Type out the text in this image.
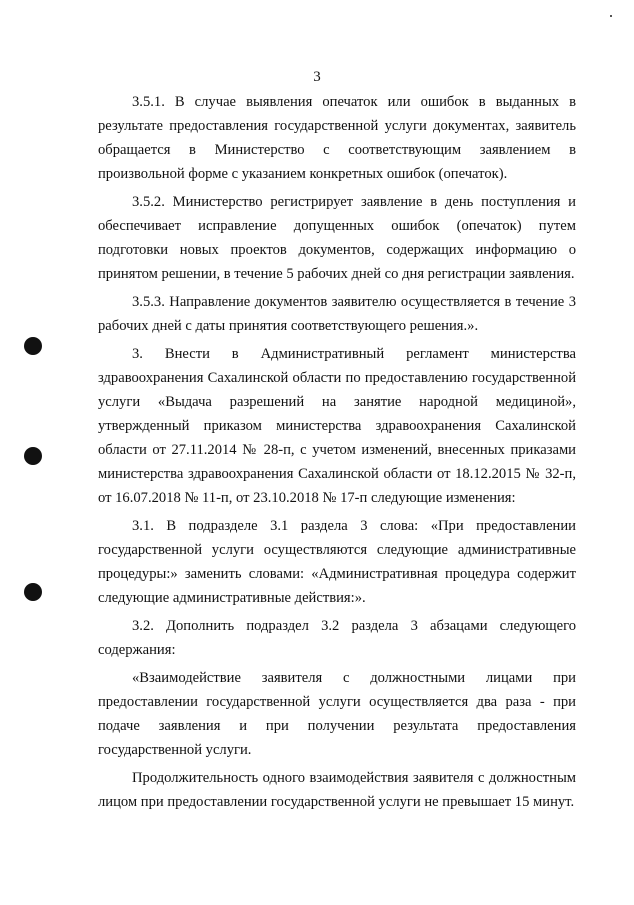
3

3.5.1. В случае выявления опечаток или ошибок в выданных в результате предоставления государственной услуги документах, заявитель обращается в Министерство с соответствующим заявлением в произвольной форме с указанием конкретных ошибок (опечаток).

3.5.2. Министерство регистрирует заявление в день поступления и обеспечивает исправление допущенных ошибок (опечаток) путем подготовки новых проектов документов, содержащих информацию о принятом решении, в течение 5 рабочих дней со дня регистрации заявления.

3.5.3. Направление документов заявителю осуществляется в течение 3 рабочих дней с даты принятия соответствующего решения.».

3. Внести в Административный регламент министерства здравоохранения Сахалинской области по предоставлению государственной услуги «Выдача разрешений на занятие народной медициной», утвержденный приказом министерства здравоохранения Сахалинской области от 27.11.2014 № 28-п, с учетом изменений, внесенных приказами министерства здравоохранения Сахалинской области от 18.12.2015 № 32-п, от 16.07.2018 № 11-п, от 23.10.2018 № 17-п следующие изменения:

3.1. В подразделе 3.1 раздела 3 слова: «При предоставлении государственной услуги осуществляются следующие административные процедуры:» заменить словами: «Административная процедура содержит следующие административные действия:».

3.2. Дополнить подраздел 3.2 раздела 3 абзацами следующего содержания:

«Взаимодействие заявителя с должностными лицами при предоставлении государственной услуги осуществляется два раза - при подаче заявления и при получении результата предоставления государственной услуги.

Продолжительность одного взаимодействия заявителя с должностным лицом при предоставлении государственной услуги не превышает 15 минут.
